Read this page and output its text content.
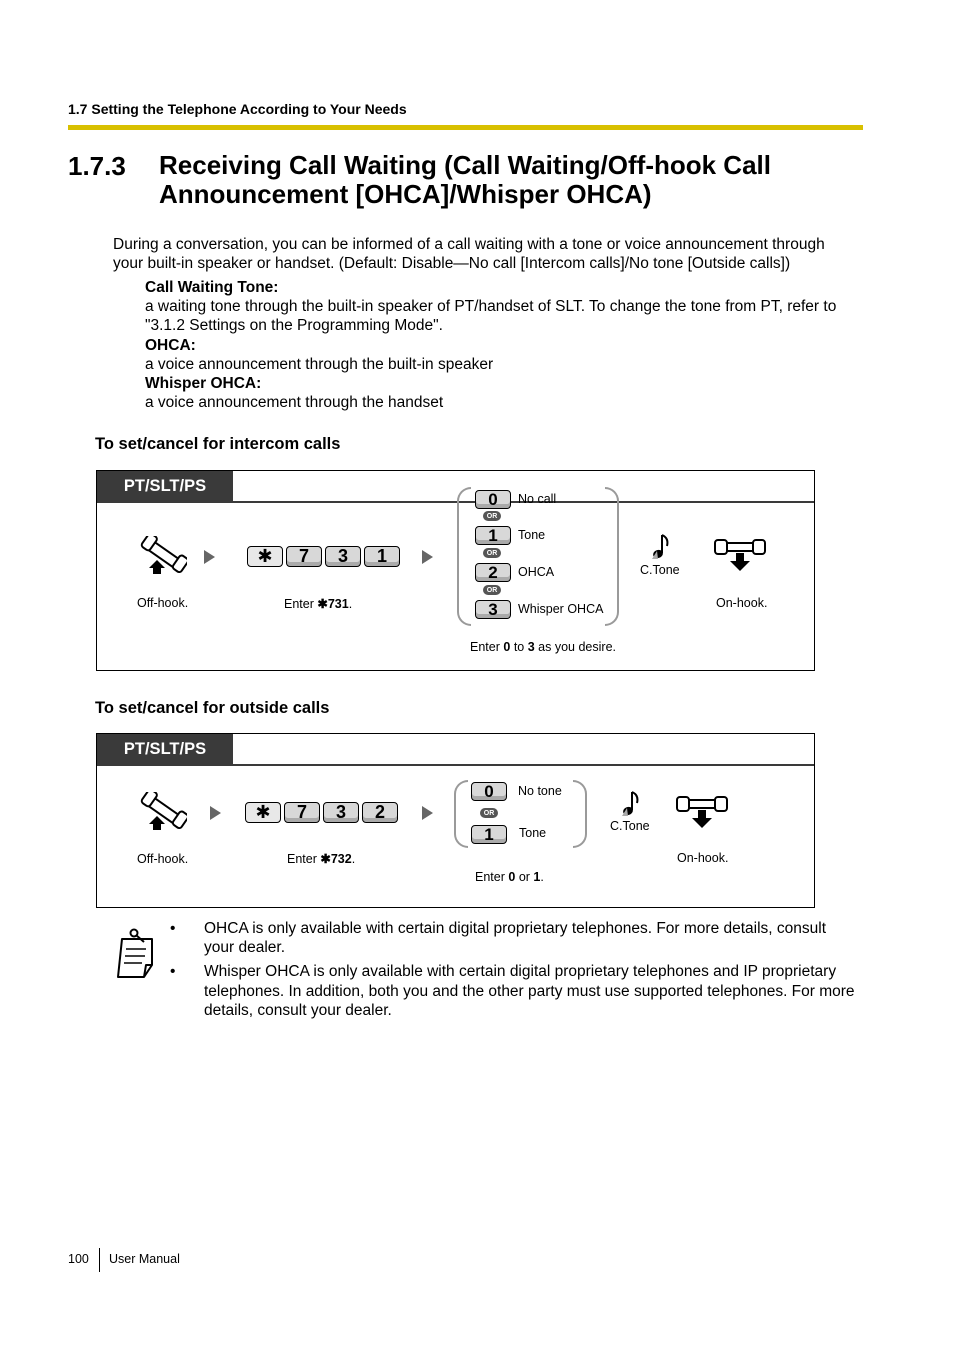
1.7 Setting the Telephone According to Your Needs
1.7.3 Receiving Call Waiting (Call Waiting/Off-hook Call Announcement [OHCA]/Whisper OHCA)
During a conversation, you can be informed of a call waiting with a tone or voice announcement through your built-in speaker or handset. (Default: Disable—No call [Intercom calls]/No tone [Outside calls])
Call Waiting Tone:
a waiting tone through the built-in speaker of PT/handset of SLT. To change the tone from PT, refer to "3.1.2 Settings on the Programming Mode".
OHCA:
a voice announcement through the built-in speaker
Whisper OHCA:
a voice announcement through the handset
To set/cancel for intercom calls
PT/SLT/PS
Off-hook.
✱	7	3	1
Enter ✱731.
0	No call
OR
1	Tone
OR
2	OHCA
OR
3	Whisper OHCA
Enter 0 to 3 as you desire.
C.Tone
On-hook.
To set/cancel for outside calls
PT/SLT/PS
Off-hook.
✱	7	3	2
Enter ✱732.
0	No tone
OR
1	Tone
Enter 0 or 1.
C.Tone
On-hook.
• OHCA is only available with certain digital proprietary telephones. For more details, consult your dealer.
• Whisper OHCA is only available with certain digital proprietary telephones and IP proprietary telephones. In addition, both you and the other party must use supported telephones. For more details, consult your dealer.
100 User Manual
